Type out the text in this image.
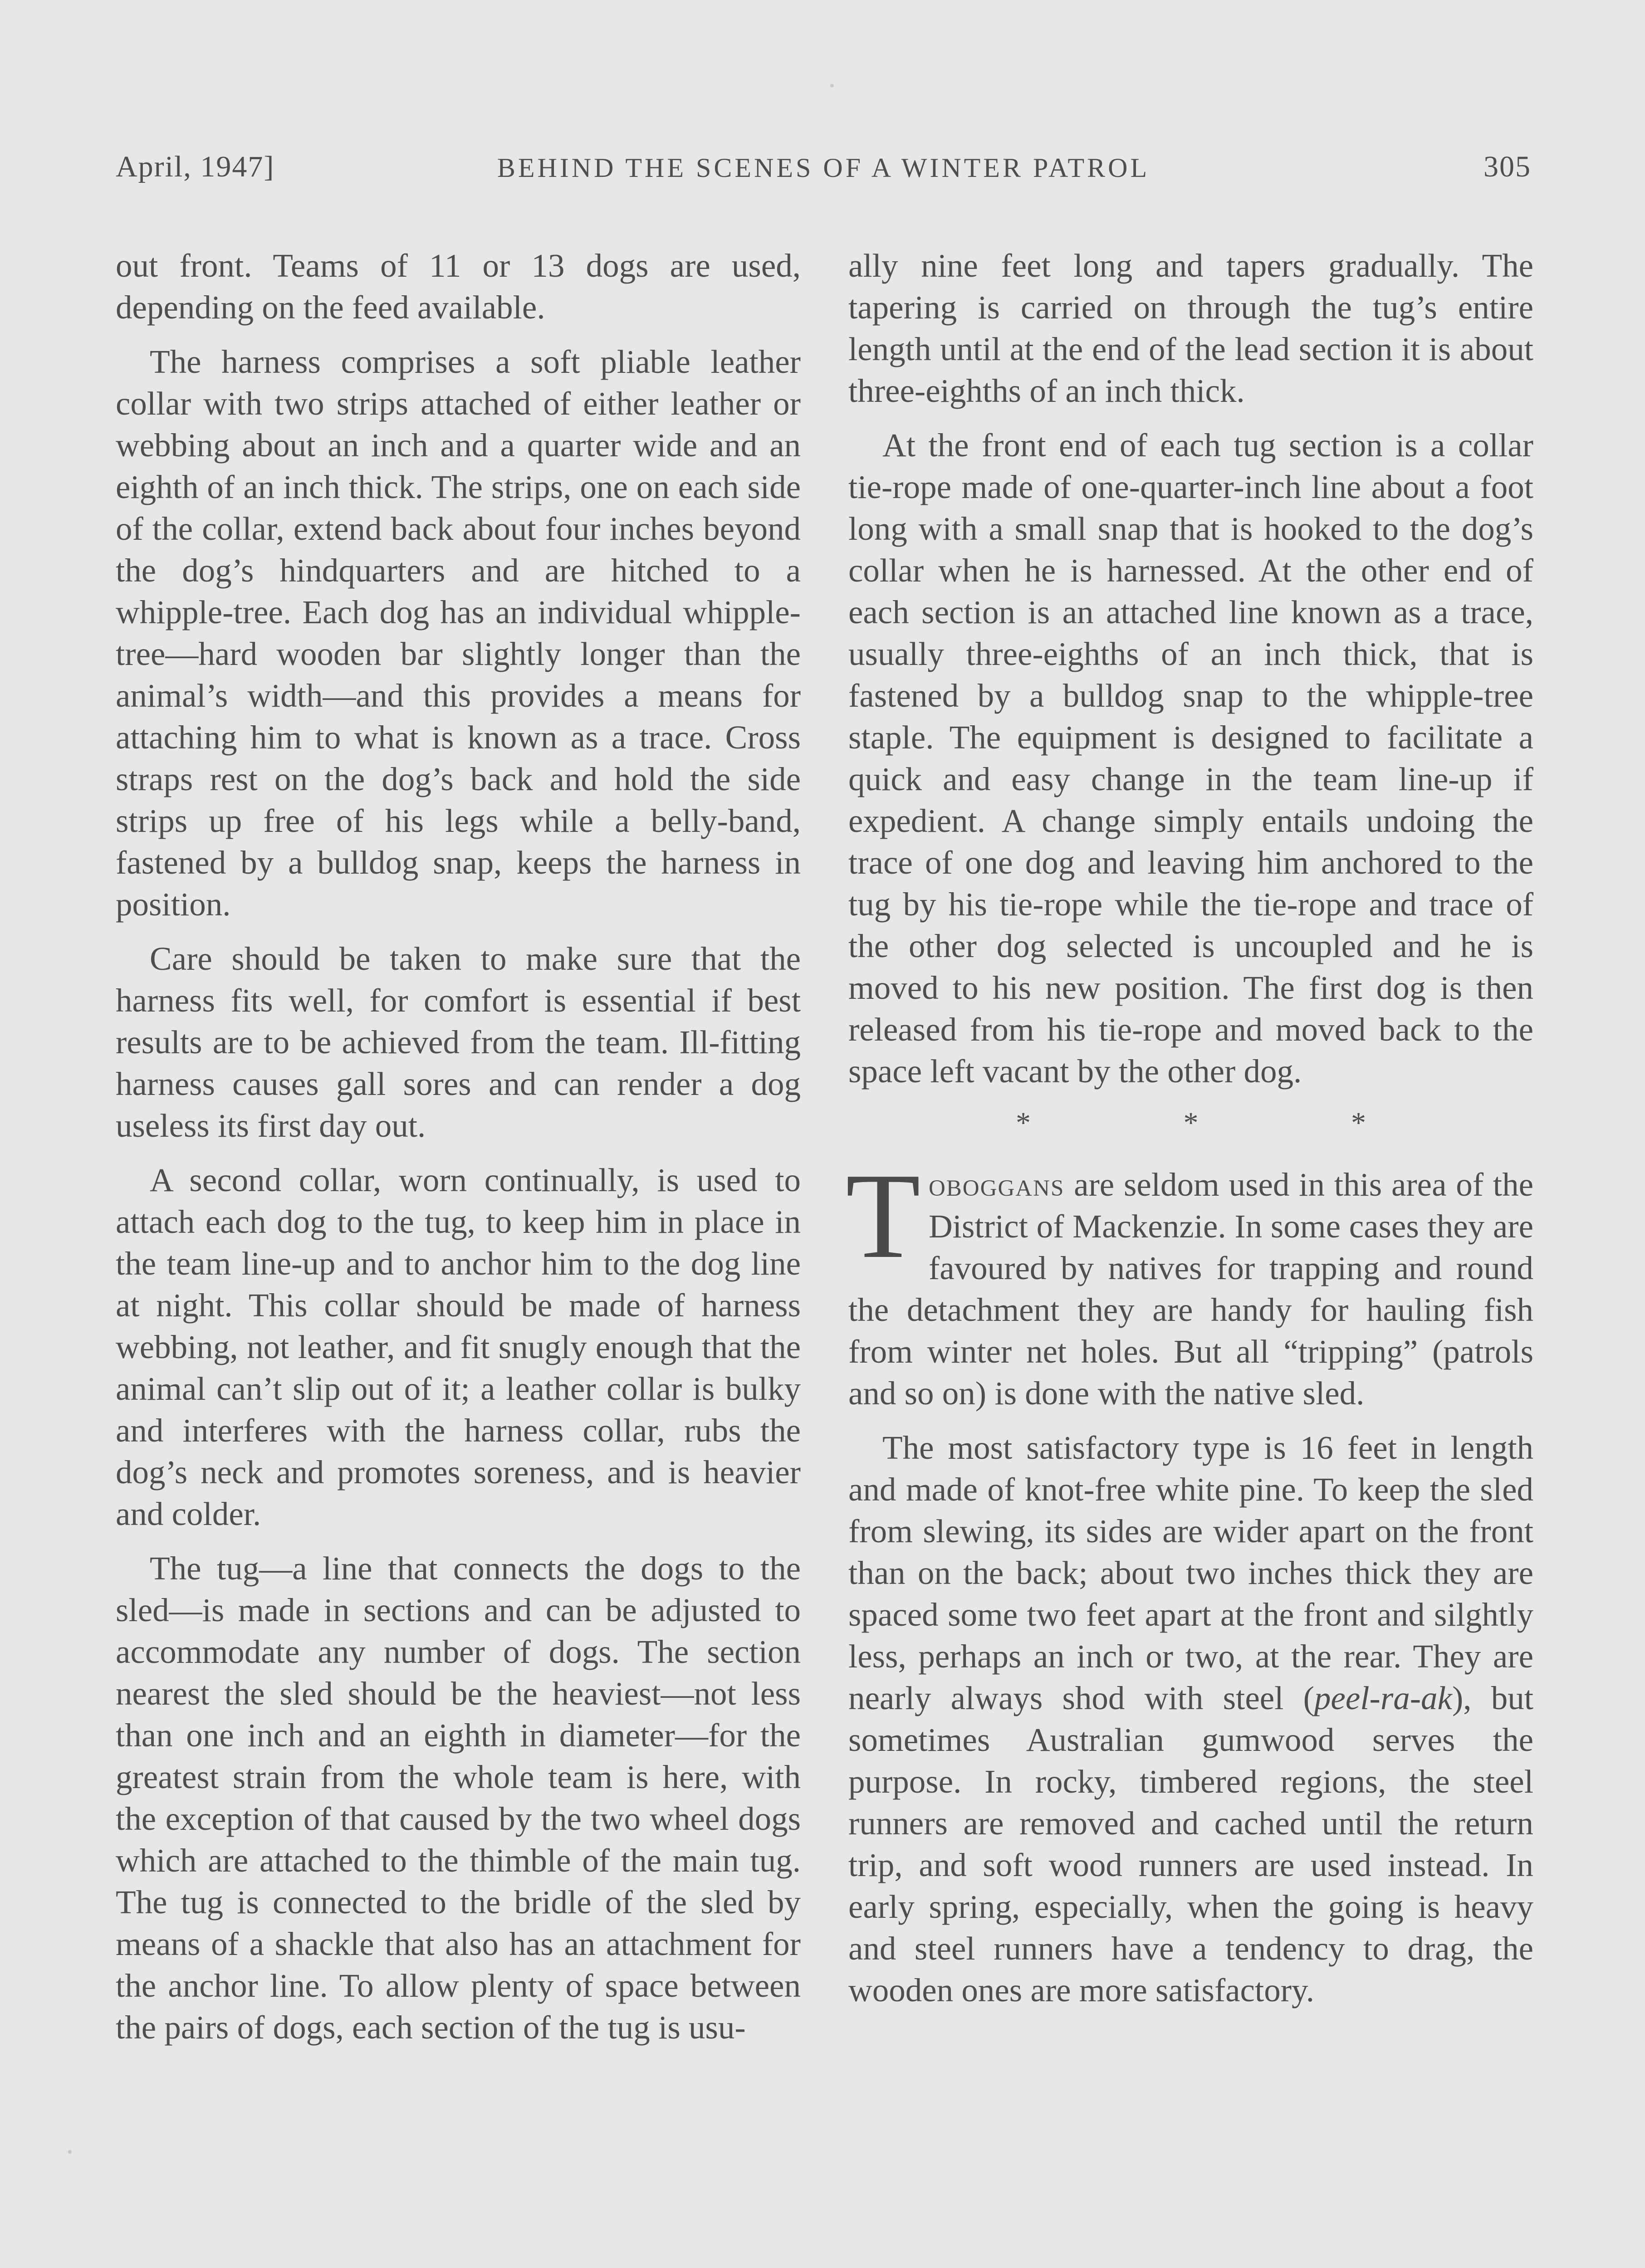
April, 1947]	BEHIND THE SCENES OF A WINTER PATROL	305

out front. Teams of 11 or 13 dogs are used, depending on the feed available.

The harness comprises a soft pliable leather collar with two strips attached of either leather or webbing about an inch and a quarter wide and an eighth of an inch thick. The strips, one on each side of the collar, extend back about four inches beyond the dog’s hindquarters and are hitched to a whipple-tree. Each dog has an individual whipple-tree—hard wooden bar slightly longer than the animal’s width—and this provides a means for attaching him to what is known as a trace. Cross straps rest on the dog’s back and hold the side strips up free of his legs while a belly-band, fastened by a bulldog snap, keeps the harness in position.

Care should be taken to make sure that the harness fits well, for comfort is essential if best results are to be achieved from the team. Ill-fitting harness causes gall sores and can render a dog useless its first day out.

A second collar, worn continually, is used to attach each dog to the tug, to keep him in place in the team line-up and to anchor him to the dog line at night. This collar should be made of harness webbing, not leather, and fit snugly enough that the animal can’t slip out of it; a leather collar is bulky and interferes with the harness collar, rubs the dog’s neck and promotes soreness, and is heavier and colder.

The tug—a line that connects the dogs to the sled—is made in sections and can be adjusted to accommodate any number of dogs. The section nearest the sled should be the heaviest—not less than one inch and an eighth in diameter—for the greatest strain from the whole team is here, with the exception of that caused by the two wheel dogs which are attached to the thimble of the main tug. The tug is connected to the bridle of the sled by means of a shackle that also has an attachment for the anchor line. To allow plenty of space between the pairs of dogs, each section of the tug is usu-

ally nine feet long and tapers gradually. The tapering is carried on through the tug’s entire length until at the end of the lead section it is about three-eighths of an inch thick.

At the front end of each tug section is a collar tie-rope made of one-quarter-inch line about a foot long with a small snap that is hooked to the dog’s collar when he is harnessed. At the other end of each section is an attached line known as a trace, usually three-eighths of an inch thick, that is fastened by a bulldog snap to the whipple-tree staple. The equipment is designed to facilitate a quick and easy change in the team line-up if expedient. A change simply entails undoing the trace of one dog and leaving him anchored to the tug by his tie-rope while the tie-rope and trace of the other dog selected is uncoupled and he is moved to his new position. The first dog is then released from his tie-rope and moved back to the space left vacant by the other dog.

* * *

Toboggans are seldom used in this area of the District of Mackenzie. In some cases they are favoured by natives for trapping and round the detachment they are handy for hauling fish from winter net holes. But all “tripping” (patrols and so on) is done with the native sled.

The most satisfactory type is 16 feet in length and made of knot-free white pine. To keep the sled from slewing, its sides are wider apart on the front than on the back; about two inches thick they are spaced some two feet apart at the front and silghtly less, perhaps an inch or two, at the rear. They are nearly always shod with steel (peel-ra-ak), but sometimes Australian gumwood serves the purpose. In rocky, timbered regions, the steel runners are removed and cached until the return trip, and soft wood runners are used instead. In early spring, especially, when the going is heavy and steel runners have a tendency to drag, the wooden ones are more satisfactory.
